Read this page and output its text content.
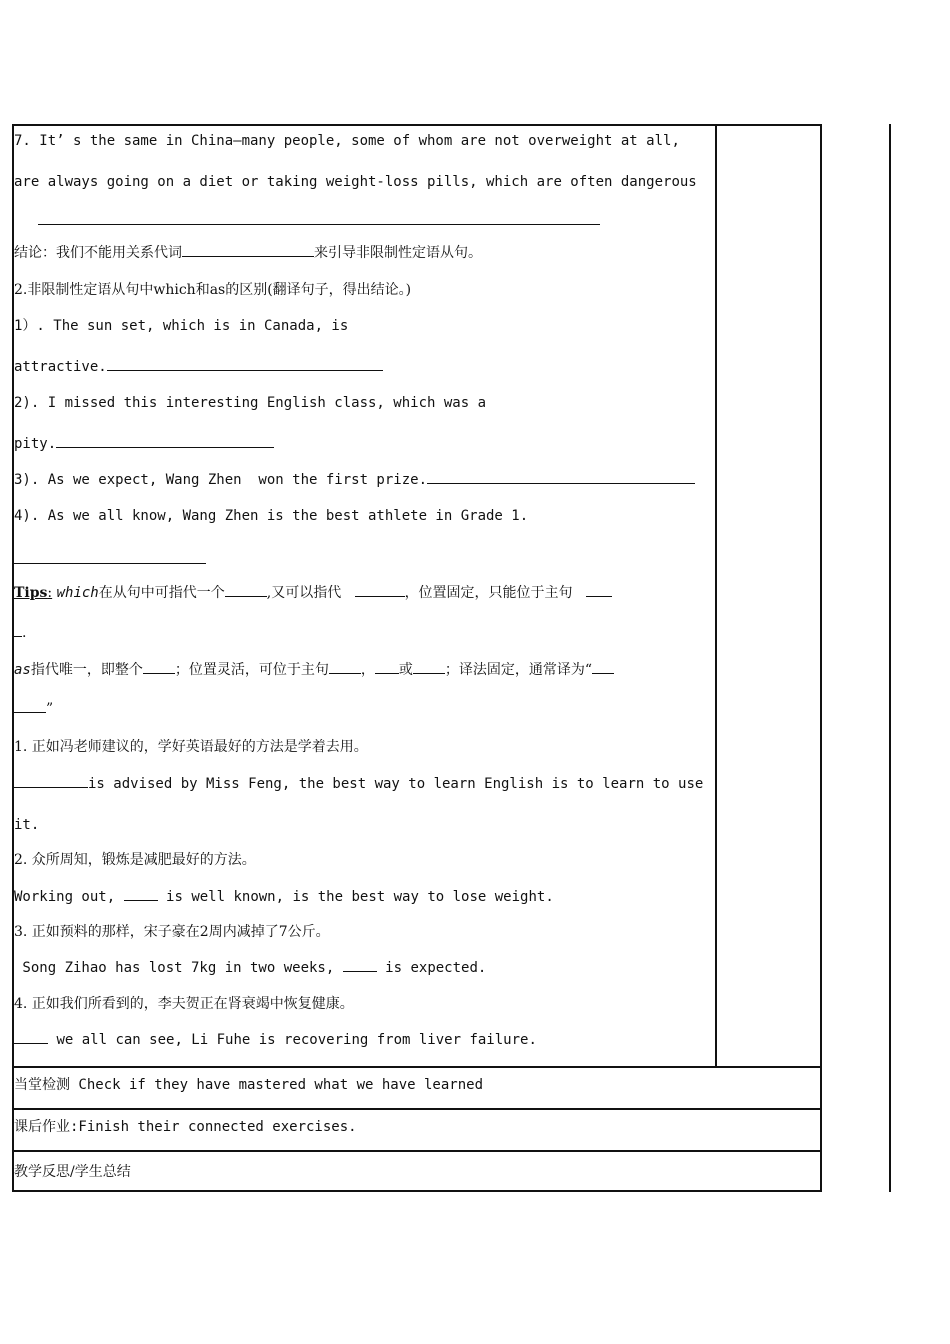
7. It’ s the same in China—many people, some of whom are not overweight at all,
are always going on a diet or taking weight-loss pills, which are often dangerous
结论：我们不能用关系代词	来引导非限制性定语从句。
2.非限制性定语从句中which和as的区别(翻译句子，得出结论。)
1）. The sun set, which is in Canada, is
attractive.
2). I missed this interesting English class, which was a
pity.
3). As we expect, Wang Zhen  won the first prize.
4). As we all know, Wang Zhen is the best athlete in Grade 1.
Tips: which在从句中可指代一个	,又可以指代	，位置固定，只能位于主句
.
as指代唯一，即整个 ；位置灵活，可位于主句 ， 或 ；译法固定，通常译为“
”
1. 正如冯老师建议的，学好英语最好的方法是学着去用。
is advised by Miss Feng, the best way to learn English is to learn to use
it.
2. 众所周知，锻炼是减肥最好的方法。
Working out,	is well known, is the best way to lose weight.
3. 正如预料的那样，宋子豪在2周内减掉了7公斤。
Song Zihao has lost 7kg in two weeks,	is expected.
4. 正如我们所看到的，李夫贺正在肾衰竭中恢复健康。
we all can see, Li Fuhe is recovering from liver failure.
当堂检测 Check if they have mastered what we have learned
课后作业:Finish their connected exercises.
教学反思/学生总结
